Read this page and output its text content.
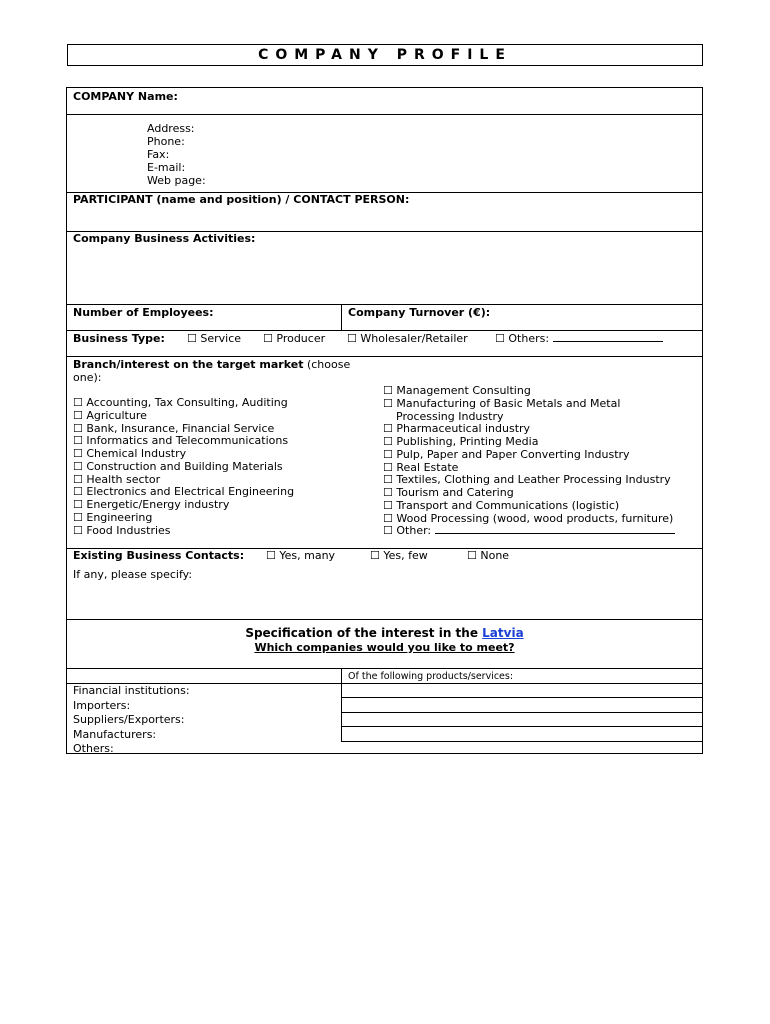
COMPANY PROFILE
COMPANY Name:
Address:
Phone:
Fax:
E-mail:
Web page:
PARTICIPANT (name and position) / CONTACT PERSON:
Company Business Activities:
Number of Employees:	Company Turnover (€):
Business Type: ☐ Service ☐ Producer ☐ Wholesaler/Retailer ☐ Others:
Branch/interest on the target market (choose
one):
☐ Accounting, Tax Consulting, Auditing
☐ Agriculture
☐ Bank, Insurance, Financial Service
☐ Informatics and Telecommunications
☐ Chemical Industry
☐ Construction and Building Materials
☐ Health sector
☐ Electronics and Electrical Engineering
☐ Energetic/Energy industry
☐ Engineering
☐ Food Industries
☐ Management Consulting
☐ Manufacturing of Basic Metals and Metal
Processing Industry
☐ Pharmaceutical industry
☐ Publishing, Printing Media
☐ Pulp, Paper and Paper Converting Industry
☐ Real Estate
☐ Textiles, Clothing and Leather Processing Industry
☐ Tourism and Catering
☐ Transport and Communications (logistic)
☐ Wood Processing (wood, wood products, furniture)
☐ Other:
Existing Business Contacts: ☐ Yes, many	☐ Yes, few	☐ None
If any, please specify:
Specification of the interest in the Latvia
Which companies would you like to meet?
Of the following products/services:
Financial institutions:
Importers:
Suppliers/Exporters:
Manufacturers:
Others:
